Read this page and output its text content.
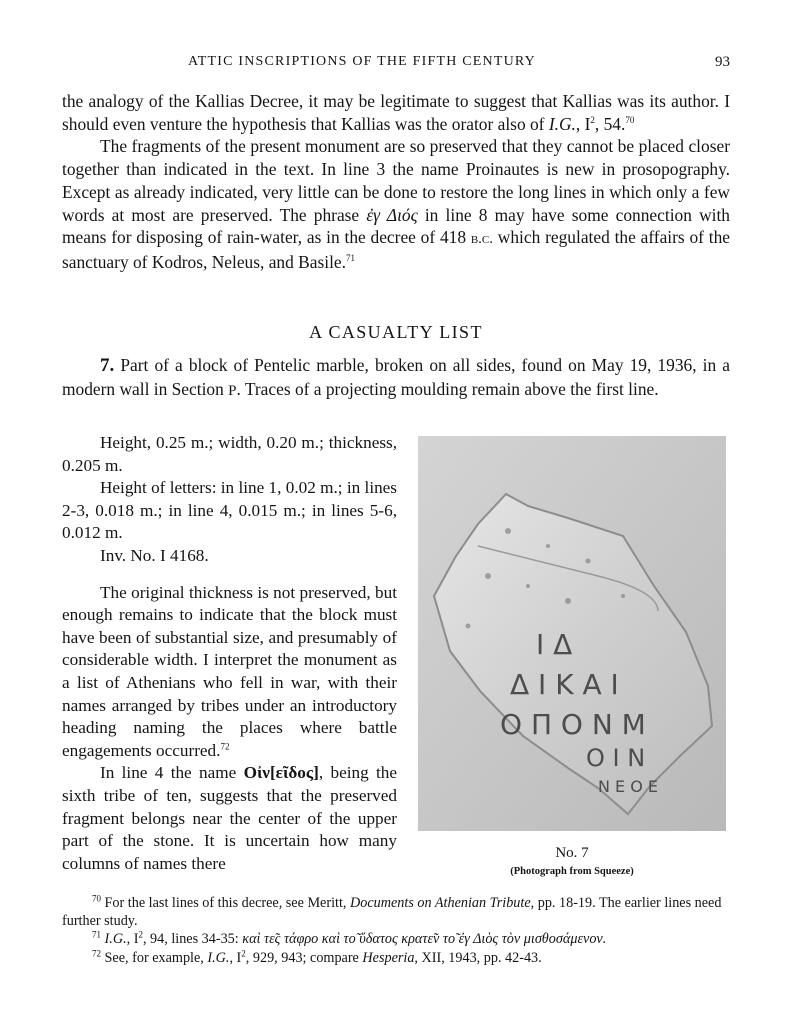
ATTIC INSCRIPTIONS OF THE FIFTH CENTURY	93

the analogy of the Kallias Decree, it may be legitimate to suggest that Kallias was its author. I should even venture the hypothesis that Kallias was the orator also of I.G., $I^2$, 54.70

The fragments of the present monument are so preserved that they cannot be placed closer together than indicated in the text. In line 3 the name Proinautes is new in prosopography. Except as already indicated, very little can be done to restore the long lines in which only a few words at most are preserved. The phrase ἐγ Διός in line 8 may have some connection with means for disposing of rain-water, as in the decree of 418 b.c. which regulated the affairs of the sanctuary of Kodros, Neleus, and Basile.$^{71}$

A CASUALTY LIST

7. Part of a block of Pentelic marble, broken on all sides, found on May 19, 1936, in a modern wall in Section P. Traces of a projecting moulding remain above the first line.

Height, 0.25 m.; width, 0.20 m.; thickness, 0.205 m.

Height of letters: in line 1, 0.02 m.; in lines 2-3, 0.018 m.; in line 4, 0.015 m.; in lines 5-6, 0.012 m.

Inv. No. I 4168.

The original thickness is not preserved, but enough remains to indicate that the block must have been of substantial size, and presumably of considerable width. I interpret the monument as a list of Athenians who fell in war, with their names arranged by tribes under an introductory heading naming the places where battle engagements occurred.$^{72}$

In line 4 the name Οἰν[εῖδος], being the sixth tribe of ten, suggests that the preserved fragment belongs near the center of the upper part of the stone. It is uncertain how many columns of names there

Ι Δ
Δ Ι Κ Α Ι
Ο Π Ο Ν Μ
Ο Ι Ν
Ν Ε Ο Ε
No. 7
(Photograph from Squeeze)

$^{70}$ For the last lines of this decree, see Meritt, Documents on Athenian Tribute, pp. 18-19. The earlier lines need further study.

$^{71}$ I.G., $I^2$, 94, lines 34-35: καὶ τε̃ς τάφρο καὶ το̃ ὕδατος κρατε̃ν το̃ ἐγ Διὸς τὸν μισθοσάμενον.

$^{72}$ See, for example, I.G., $I^2$, 929, 943; compare Hesperia, XII, 1943, pp. 42-43.
